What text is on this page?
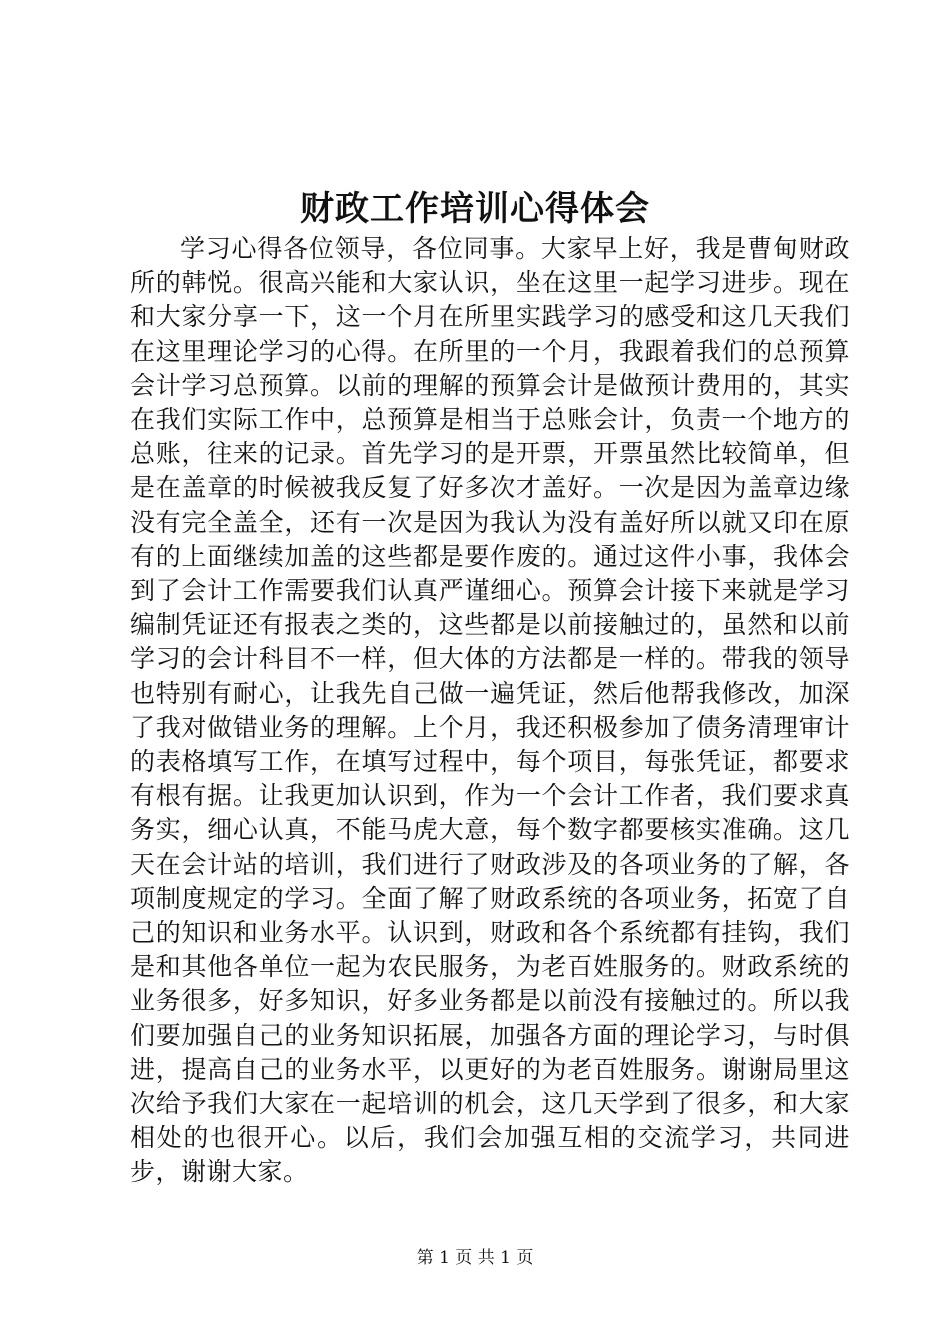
财政工作培训心得体会

学习心得各位领导，各位同事。大家早上好，我是曹甸财政所的韩悦。很高兴能和大家认识，坐在这里一起学习进步。现在和大家分享一下，这一个月在所里实践学习的感受和这几天我们在这里理论学习的心得。在所里的一个月，我跟着我们的总预算会计学习总预算。以前的理解的预算会计是做预计费用的，其实在我们实际工作中，总预算是相当于总账会计，负责一个地方的总账，往来的记录。首先学习的是开票，开票虽然比较简单，但是在盖章的时候被我反复了好多次才盖好。一次是因为盖章边缘没有完全盖全，还有一次是因为我认为没有盖好所以就又印在原有的上面继续加盖的这些都是要作废的。通过这件小事，我体会到了会计工作需要我们认真严谨细心。预算会计接下来就是学习编制凭证还有报表之类的，这些都是以前接触过的，虽然和以前学习的会计科目不一样，但大体的方法都是一样的。带我的领导也特别有耐心，让我先自己做一遍凭证，然后他帮我修改，加深了我对做错业务的理解。上个月，我还积极参加了债务清理审计的表格填写工作，在填写过程中，每个项目，每张凭证，都要求有根有据。让我更加认识到，作为一个会计工作者，我们要求真务实，细心认真，不能马虎大意，每个数字都要核实准确。这几天在会计站的培训，我们进行了财政涉及的各项业务的了解，各项制度规定的学习。全面了解了财政系统的各项业务，拓宽了自己的知识和业务水平。认识到，财政和各个系统都有挂钩，我们是和其他各单位一起为农民服务，为老百姓服务的。财政系统的业务很多，好多知识，好多业务都是以前没有接触过的。所以我们要加强自己的业务知识拓展，加强各方面的理论学习，与时俱进，提高自己的业务水平，以更好的为老百姓服务。谢谢局里这次给予我们大家在一起培训的机会，这几天学到了很多，和大家相处的也很开心。以后，我们会加强互相的交流学习，共同进步，谢谢大家。

第 1 页 共 1 页
